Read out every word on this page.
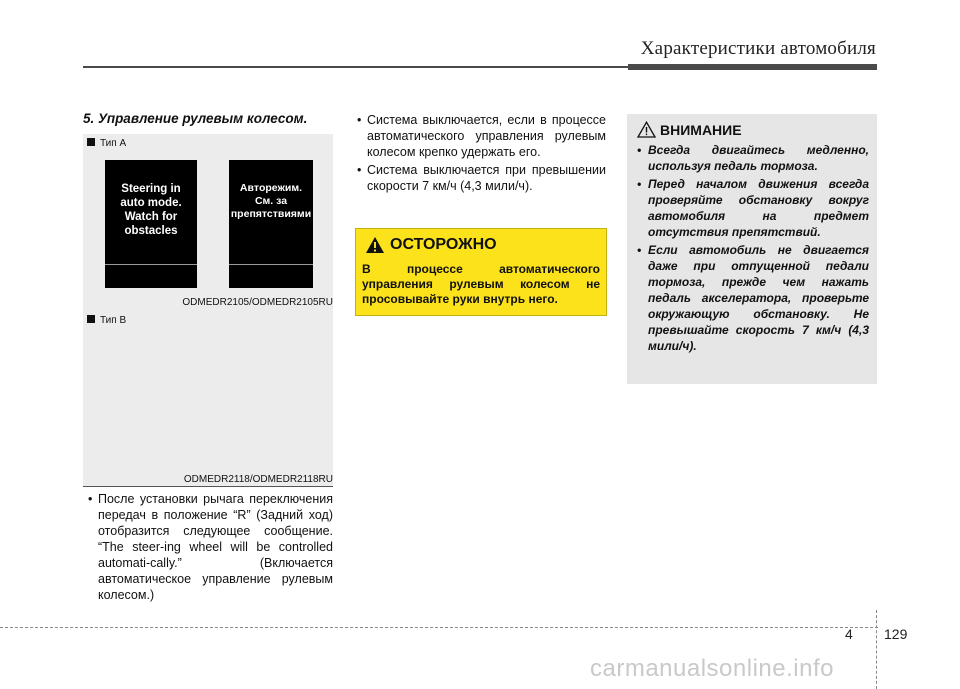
Характеристики автомобиля
5. Управление рулевым колесом.
Тип A
Steering in
auto mode.
Watch for
obstacles
Автoрежим.
См. за
препятствиями
ODMEDR2105/ODMEDR2105RU
Тип B
ODMEDR2118/ODMEDR2118RU
• После установки рычага переключения передач в положение “R” (Задний ход) отобразится следующее сообщение. “The steer-ing wheel will be controlled automati-cally.” (Включается автоматическое управление рулевым колесом.)
• Система выключается, если в процессе автоматического управления рулевым колесом крепко удержать его.
• Система выключается при превышении скорости 7 км/ч (4,3 мили/ч).
ОСТОРОЖНО
В процессе автоматического управления рулевым колесом не просовывайте руки внутрь него.
ВНИМАНИЕ
• Всегда двигайтесь медленно, используя педаль тормоза.
• Перед началом движения всегда проверяйте обстановку вокруг автомобиля на предмет отсутствия препятствий.
• Если автомобиль не двигается даже при отпущенной педали тормоза, прежде чем нажать педаль акселератора, проверьте окружающую обстановку. Не превышайте скорость 7 км/ч (4,3 мили/ч).
4 129
carmanualsonline.info
